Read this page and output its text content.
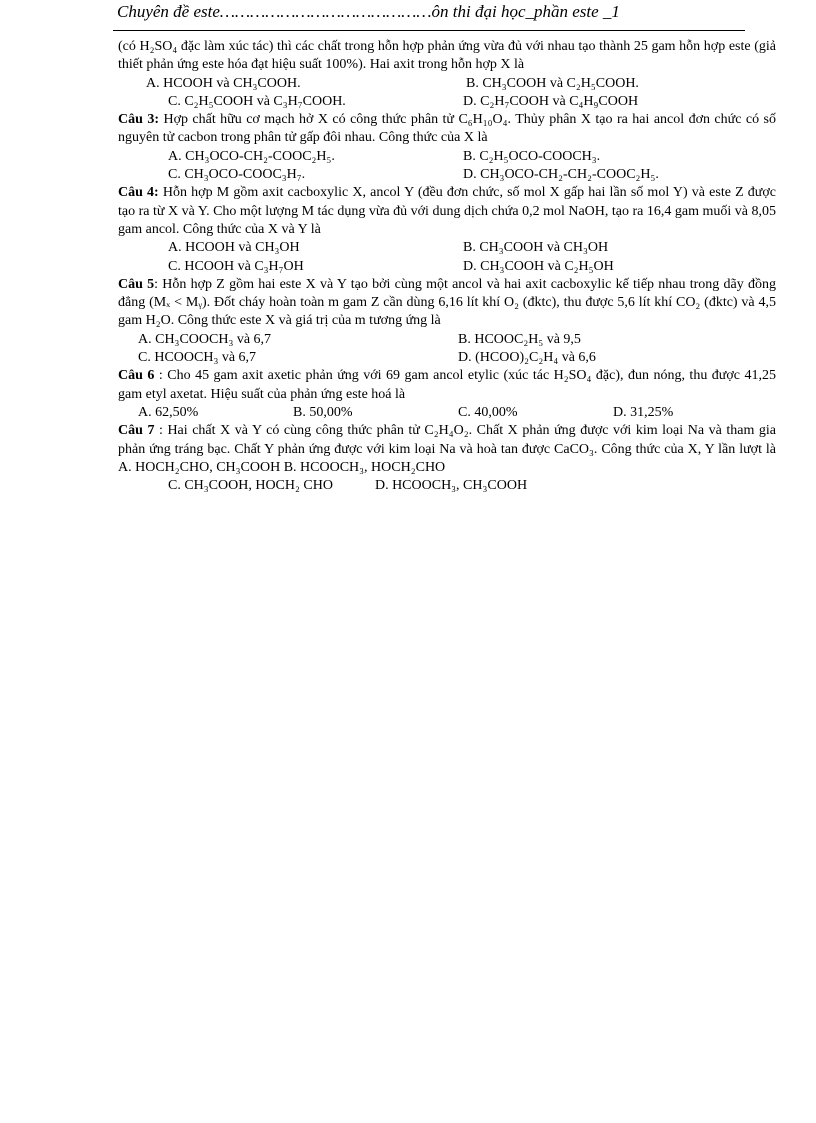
Chuyên đề este……………………………………ôn thi đại học_phần este _1
(có H₂SO₄ đặc làm xúc tác) thì các chất trong hỗn hợp phản ứng vừa đủ với nhau tạo thành 25 gam hỗn hợp este (giả thiết phản ứng este hóa đạt hiệu suất 100%). Hai axit trong hỗn hợp X là
A. HCOOH và CH₃COOH.	B. CH₃COOH và C₂H₅COOH.
C. C₂H₅COOH và C₃H₇COOH.	D. C₂H₇COOH và C₄H₉COOH
Câu 3: Hợp chất hữu cơ mạch hở X có công thức phân tử C₆H₁₀O₄. Thủy phân X tạo ra hai ancol đơn chức có số nguyên tử cacbon trong phân tử gấp đôi nhau. Công thức của X là
A. CH₃OCO-CH₂-COOC₂H₅.	B. C₂H₅OCO-COOCH₃.
C. CH₃OCO-COOC₃H₇.	D. CH₃OCO-CH₂-CH₂-COOC₂H₅.
Câu 4: Hỗn hợp M gồm axit cacboxylic X, ancol Y (đều đơn chức, số mol X gấp hai lần số mol Y) và este Z được tạo ra từ X và Y. Cho một lượng M tác dụng vừa đủ với dung dịch chứa 0,2 mol NaOH, tạo ra 16,4 gam muối và 8,05 gam ancol. Công thức của X và Y là
A. HCOOH và CH₃OH	B. CH₃COOH và CH₃OH
C. HCOOH và C₃H₇OH	D. CH₃COOH và C₂H₅OH
Câu 5: Hỗn hợp Z gồm hai este X và Y tạo bởi cùng một ancol và hai axit cacboxylic kế tiếp nhau trong dãy đồng đẳng (Mₓ < Mᵧ). Đốt cháy hoàn toàn m gam Z cần dùng 6,16 lít khí O₂ (đktc), thu được 5,6 lít khí CO₂ (đktc) và 4,5 gam H₂O. Công thức este X và giá trị của m tương ứng là
A. CH₃COOCH₃ và 6,7	B. HCOOC₂H₅ và 9,5
C. HCOOCH₃ và 6,7	D. (HCOO)₂C₂H₄ và 6,6
Câu 6 : Cho 45 gam axit axetic phản ứng với 69 gam ancol etylic (xúc tác H₂SO₄ đặc), đun nóng, thu được 41,25 gam etyl axetat. Hiệu suất của phản ứng este hoá là
A. 62,50%	B. 50,00%	C. 40,00%	D. 31,25%
Câu 7 : Hai chất X và Y có cùng công thức phân tử C₂H₄O₂. Chất X phản ứng được với kim loại Na và tham gia phản ứng tráng bạc. Chất Y phản ứng được với kim loại Na và hoà tan được CaCO₃. Công thức của X, Y lần lượt là A. HOCH₂CHO, CH₃COOH B. HCOOCH₃, HOCH₂CHO
C. CH₃COOH, HOCH₂ CHO	D. HCOOCH₃, CH₃COOH
